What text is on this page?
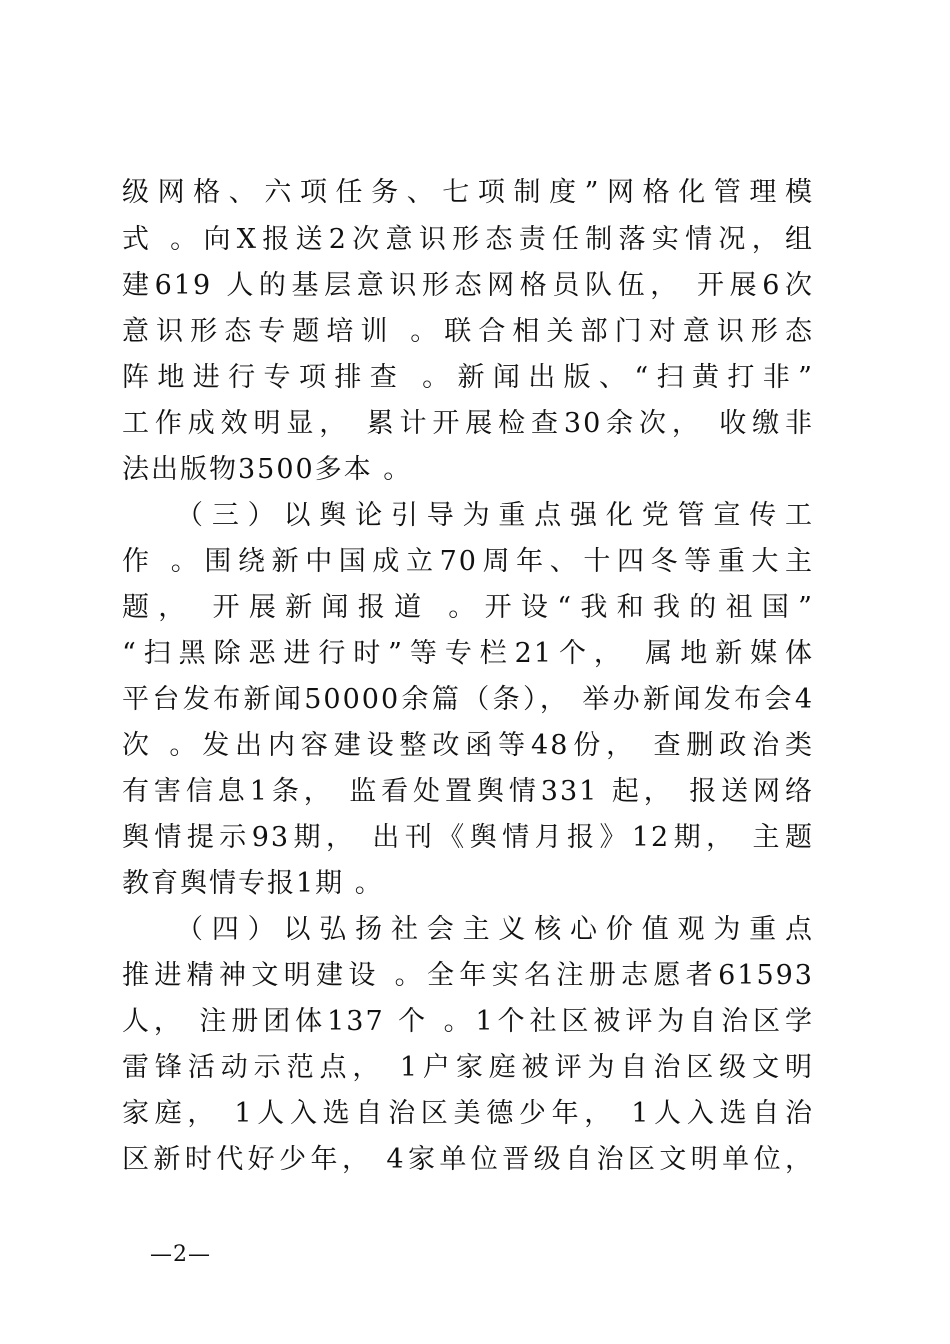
级网格、六项任务、七项制度”网格化管理模
式 。向X报送2次意识形态责任制落实情况，组
建619 人的基层意识形态网格员队伍， 开展6次
意识形态专题培训 。联合相关部门对意识形态
阵地进行专项排查 。新闻出版、“扫黄打非”
工作成效明显， 累计开展检查30余次， 收缴非
法出版物3500多本 。
（三）以舆论引导为重点强化党管宣传工
作 。围绕新中国成立70周年、十四冬等重大主
题， 开展新闻报道 。开设“我和我的祖国”
“扫黑除恶进行时”等专栏21个， 属地新媒体
平台发布新闻50000余篇（条）， 举办新闻发布会4
次 。发出内容建设整改函等48份， 查删政治类
有害信息1条， 监看处置舆情331 起， 报送网络
舆情提示93期， 出刊《舆情月报》12期， 主题
教育舆情专报1期 。
（四）以弘扬社会主义核心价值观为重点
推进精神文明建设 。全年实名注册志愿者61593
人， 注册团体137 个 。1个社区被评为自治区学
雷锋活动示范点， 1户家庭被评为自治区级文明
家庭， 1人入选自治区美德少年， 1人入选自治
区新时代好少年， 4家单位晋级自治区文明单位，
—2—
